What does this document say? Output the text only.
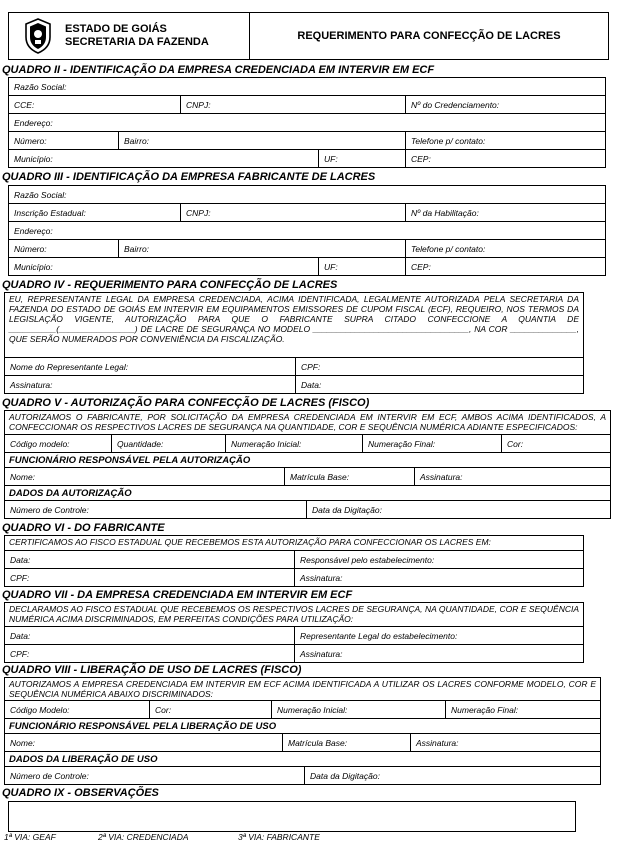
ESTADO DE GOIÁS
SECRETARIA DA FAZENDA	REQUERIMENTO PARA CONFECÇÃO DE LACRES
QUADRO II - IDENTIFICAÇÃO DA EMPRESA CREDENCIADA EM INTERVIR EM ECF
Razão Social:
CCE:	CNPJ:	Nº do Credenciamento:
Endereço:
Número:	Bairro:	Telefone p/ contato:
Município:	UF:	CEP:
QUADRO III - IDENTIFICAÇÃO DA EMPRESA FABRICANTE DE LACRES
Razão Social:
Inscrição Estadual:	CNPJ:	Nº da Habilitação:
Endereço:
Número:	Bairro:	Telefone p/ contato:
Município:	UF:	CEP:
QUADRO IV - REQUERIMENTO PARA CONFECÇÃO DE LACRES
EU, REPRESENTANTE LEGAL DA EMPRESA CREDENCIADA, ACIMA IDENTIFICADA, LEGALMENTE AUTORIZADA PELA SECRETARIA DA FAZENDA DO ESTADO DE GOIÁS EM INTERVIR EM EQUIPAMENTOS EMISSORES DE CUPOM FISCAL (ECF), REQUEIRO, NOS TERMOS DA LEGISLAÇÃO VIGENTE, AUTORIZAÇÃO PARA QUE O FABRICANTE SUPRA CITADO CONFECCIONE A QUANTIA DE __________(________________) DE LACRE DE SEGURANÇA NO MODELO _________________________________, NA COR ______________, QUE SERÃO NUMERADOS POR CONVENIÊNCIA DA FISCALIZAÇÃO.
Nome do Representante Legal:	CPF:
Assinatura:	Data:
QUADRO V - AUTORIZAÇÃO PARA CONFECÇÃO DE LACRES (FISCO)
AUTORIZAMOS O FABRICANTE, POR SOLICITAÇÃO DA EMPRESA CREDENCIADA EM INTERVIR EM ECF, AMBOS ACIMA IDENTIFICADOS, A CONFECCIONAR OS RESPECTIVOS LACRES DE SEGURANÇA NA QUANTIDADE, COR E SEQUÊNCIA NUMÉRICA ADIANTE ESPECIFICADOS:
Código modelo:	Quantidade:	Numeração Inicial:	Numeração Final:	Cor:
FUNCIONÁRIO RESPONSÁVEL PELA AUTORIZAÇÃO
Nome:	Matrícula Base:	Assinatura:
DADOS DA AUTORIZAÇÃO
Número de Controle:	Data da Digitação:
QUADRO VI - DO FABRICANTE
CERTIFICAMOS AO FISCO ESTADUAL QUE RECEBEMOS ESTA AUTORIZAÇÃO PARA CONFECCIONAR OS LACRES EM:
Data:	Responsável pelo estabelecimento:
CPF:	Assinatura:
QUADRO VII - DA EMPRESA CREDENCIADA EM INTERVIR EM ECF
DECLARAMOS AO FISCO ESTADUAL QUE RECEBEMOS OS RESPECTIVOS LACRES DE SEGURANÇA, NA QUANTIDADE, COR E SEQUÊNCIA NUMÉRICA ACIMA DISCRIMINADOS, EM PERFEITAS CONDIÇÕES PARA UTILIZAÇÃO:
Data:	Representante Legal do estabelecimento:
CPF:	Assinatura:
QUADRO VIII - LIBERAÇÃO DE USO DE LACRES (FISCO)
AUTORIZAMOS A EMPRESA CREDENCIADA EM INTERVIR EM ECF ACIMA IDENTIFICADA A UTILIZAR OS LACRES CONFORME MODELO, COR E SEQUÊNCIA NUMÉRICA ABAIXO DISCRIMINADOS:
Código Modelo:	Cor:	Numeração Inicial:	Numeração Final:
FUNCIONÁRIO RESPONSÁVEL PELA LIBERAÇÃO DE USO
Nome:	Matrícula Base:	Assinatura:
DADOS DA LIBERAÇÃO DE USO
Número de Controle:	Data da Digitação:
QUADRO IX - OBSERVAÇÕES
1ª VIA: GEAF	2ª VIA: CREDENCIADA	3ª VIA: FABRICANTE
